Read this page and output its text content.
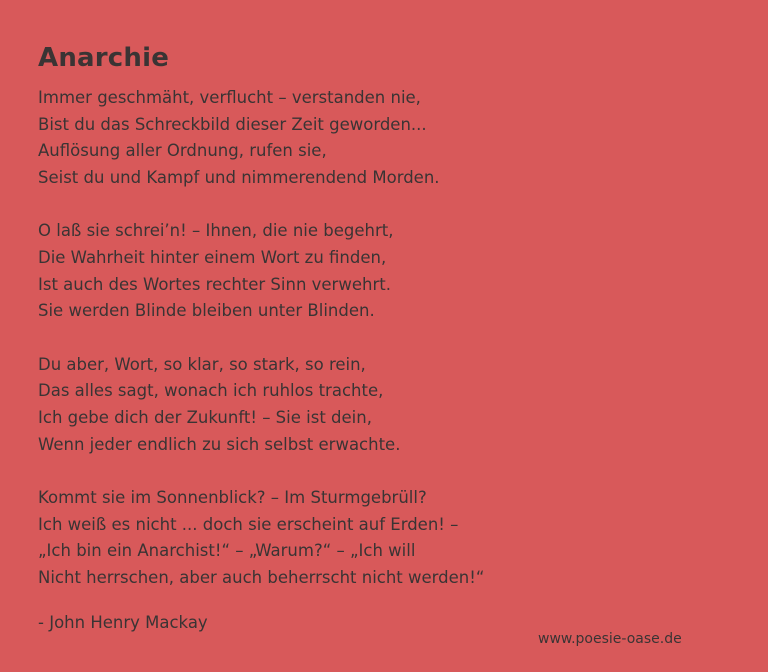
Anarchie
Immer geschmäht, verflucht – verstanden nie,
Bist du das Schreckbild dieser Zeit geworden...
Auflösung aller Ordnung, rufen sie,
Seist du und Kampf und nimmerendend Morden.
O laß sie schrei’n! – Ihnen, die nie begehrt,
Die Wahrheit hinter einem Wort zu finden,
Ist auch des Wortes rechter Sinn verwehrt.
Sie werden Blinde bleiben unter Blinden.
Du aber, Wort, so klar, so stark, so rein,
Das alles sagt, wonach ich ruhlos trachte,
Ich gebe dich der Zukunft! – Sie ist dein,
Wenn jeder endlich zu sich selbst erwachte.
Kommt sie im Sonnenblick? – Im Sturmgebrüll?
Ich weiß es nicht ... doch sie erscheint auf Erden! –
„Ich bin ein Anarchist!“ – „Warum?“ – „Ich will
Nicht herrschen, aber auch beherrscht nicht werden!“
- John Henry Mackay
www.poesie-oase.de
